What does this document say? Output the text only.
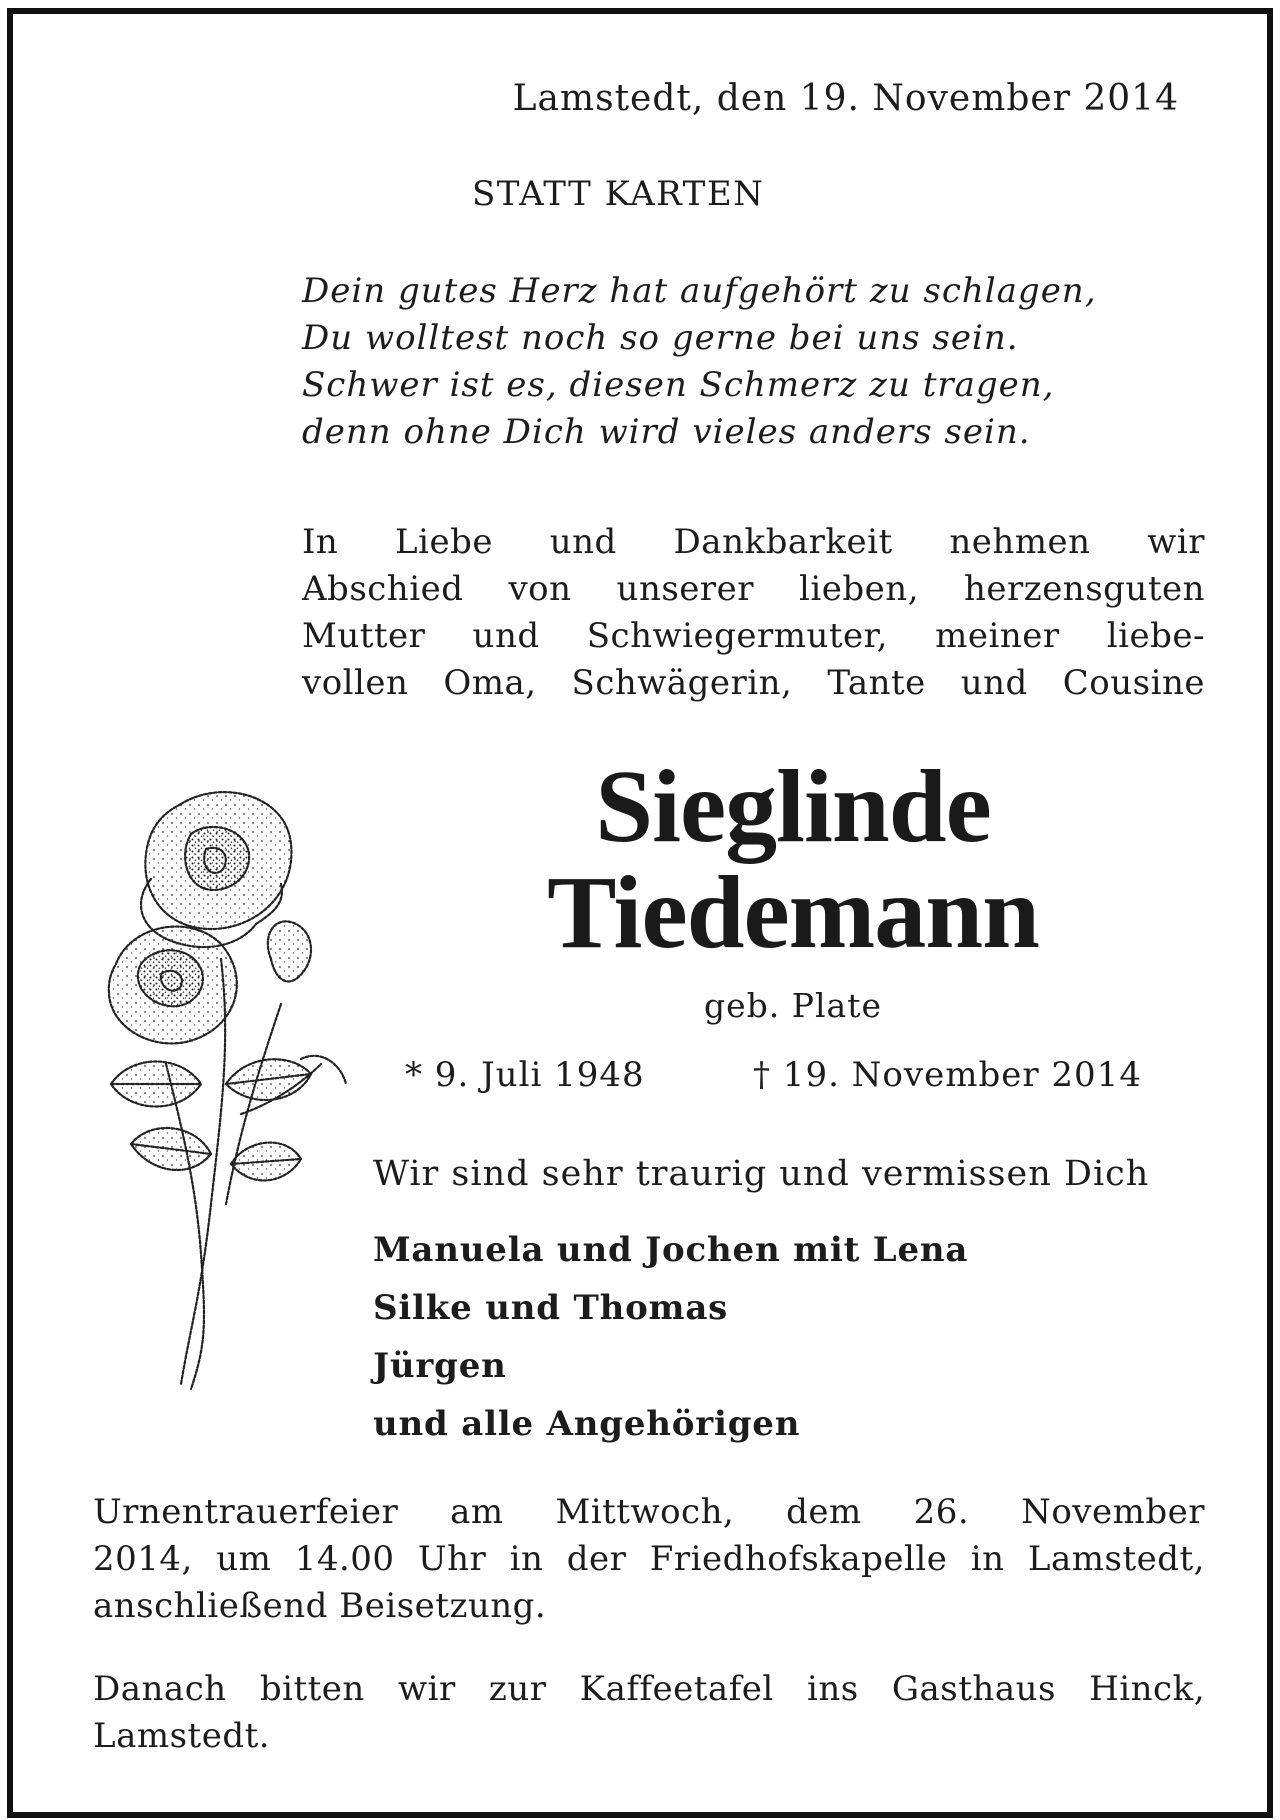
Lamstedt, den 19. November 2014
STATT KARTEN
Dein gutes Herz hat aufgehört zu schlagen,
Du wolltest noch so gerne bei uns sein.
Schwer ist es, diesen Schmerz zu tragen,
denn ohne Dich wird vieles anders sein.
In Liebe und Dankbarkeit nehmen wir
Abschied von unserer lieben, herzensguten
Mutter und Schwiegermuter, meiner liebe-
vollen Oma, Schwägerin, Tante und Cousine
Sieglinde
Tiedemann
geb. Plate
* 9. Juli 1948	† 19. November 2014
Wir sind sehr traurig und vermissen Dich
Manuela und Jochen mit Lena
Silke und Thomas
Jürgen
und alle Angehörigen
Urnentrauerfeier am Mittwoch, dem 26. November
2014, um 14.00 Uhr in der Friedhofskapelle in Lamstedt,
anschließend Beisetzung.
Danach bitten wir zur Kaffeetafel ins Gasthaus Hinck,
Lamstedt.
